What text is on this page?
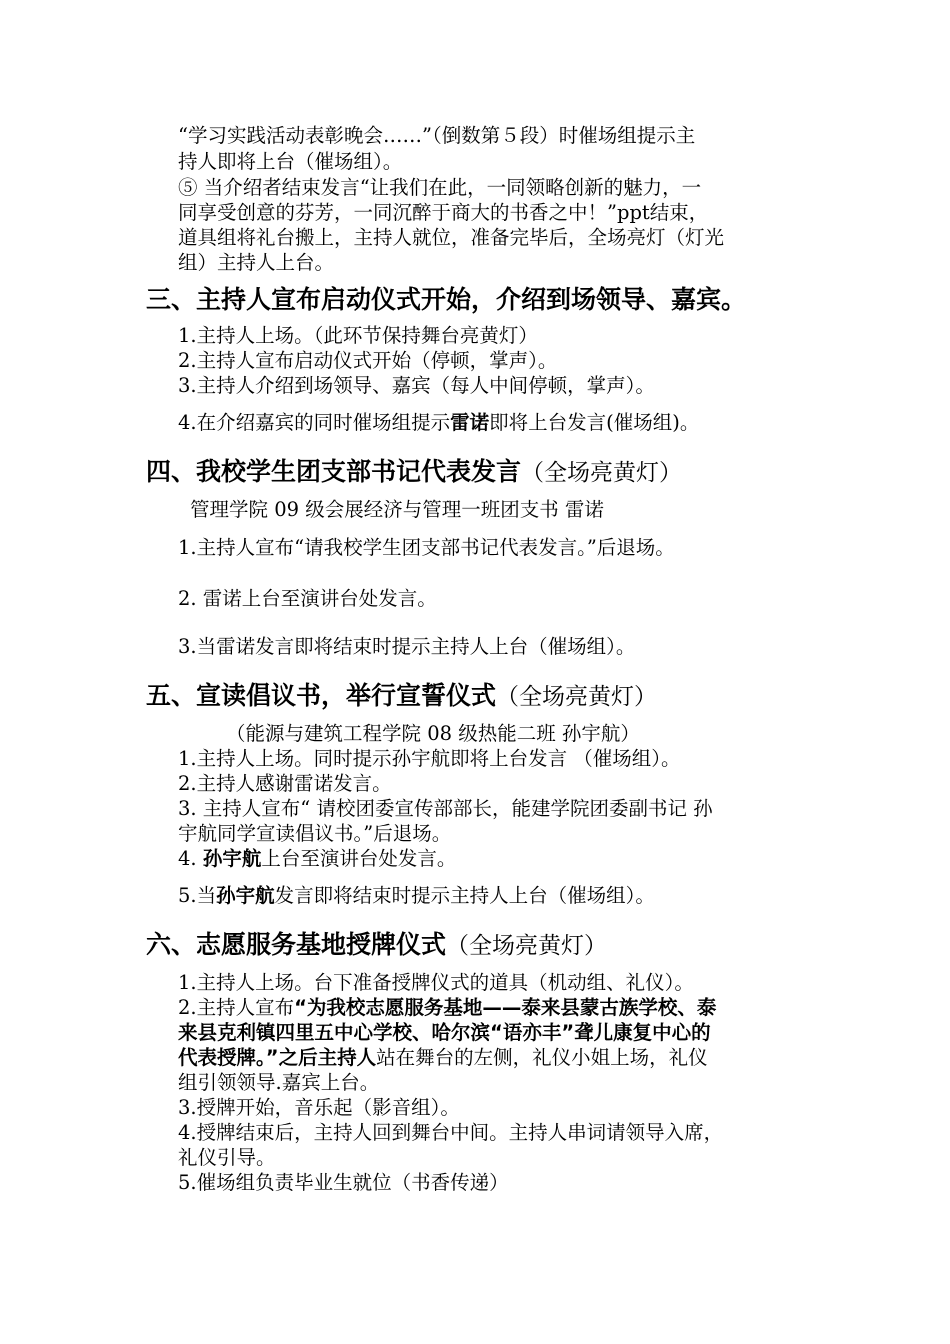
“学习实践活动表彰晚会……”（倒数第５段）时催场组提示主
持人即将上台（催场组）。
⑤ 当介绍者结束发言“让我们在此，一同领略创新的魅力，一
同享受创意的芬芳，一同沉醉于商大的书香之中！”ppt结束，
道具组将礼台搬上，主持人就位，准备完毕后，全场亮灯（灯光
组）主持人上台。
三、主持人宣布启动仪式开始，介绍到场领导、嘉宾。
1.主持人上场。（此环节保持舞台亮黄灯）
2.主持人宣布启动仪式开始（停顿，掌声）。
3.主持人介绍到场领导、嘉宾（每人中间停顿，掌声）。
4.在介绍嘉宾的同时催场组提示雷诺即将上台发言(催场组)。
四、我校学生团支部书记代表发言（全场亮黄灯）
管理学院 09 级会展经济与管理一班团支书 雷诺
1.主持人宣布“请我校学生团支部书记代表发言。”后退场。
2. 雷诺上台至演讲台处发言。
3.当雷诺发言即将结束时提示主持人上台（催场组）。
五、宣读倡议书，举行宣誓仪式（全场亮黄灯）
（能源与建筑工程学院 08 级热能二班 孙宇航）
1.主持人上场。同时提示孙宇航即将上台发言 （催场组）。
2.主持人感谢雷诺发言。
3. 主持人宣布“ 请校团委宣传部部长，能建学院团委副书记 孙
宇航同学宣读倡议书。”后退场。
4. 孙宇航上台至演讲台处发言。
5.当孙宇航发言即将结束时提示主持人上台（催场组）。
六、志愿服务基地授牌仪式（全场亮黄灯）
1.主持人上场。台下准备授牌仪式的道具（机动组、礼仪）。
2.主持人宣布“为我校志愿服务基地——泰来县蒙古族学校、泰
来县克利镇四里五中心学校、哈尔滨“语亦丰”聋儿康复中心的
代表授牌。”之后主持人站在舞台的左侧，礼仪小姐上场，礼仪
组引领领导.嘉宾上台。
3.授牌开始，音乐起（影音组）。
4.授牌结束后，主持人回到舞台中间。主持人串词请领导入席，
礼仪引导。
5.催场组负责毕业生就位（书香传递）
